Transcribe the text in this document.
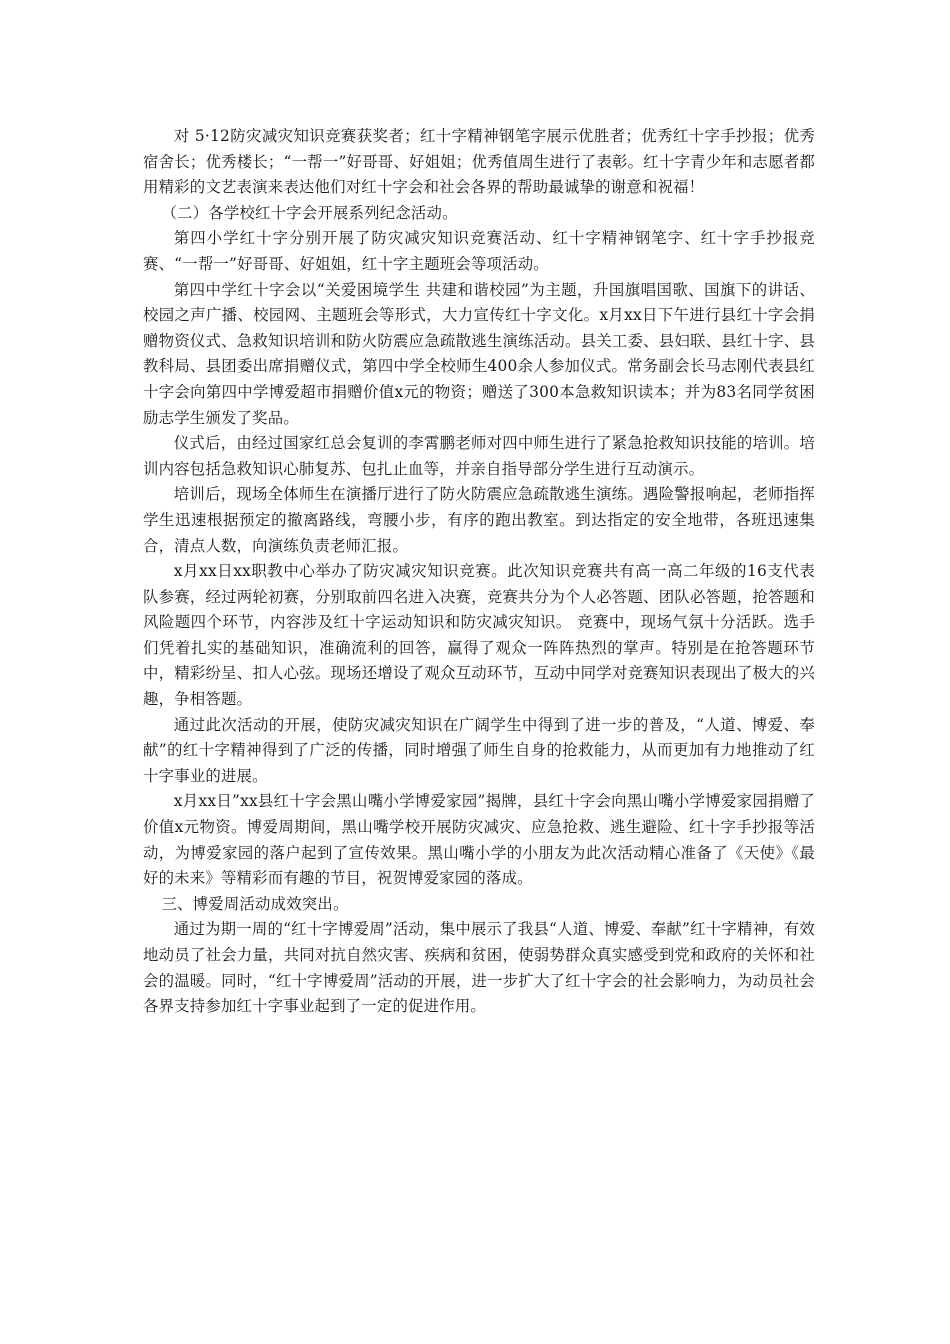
对 5·12防灾减灾知识竞赛获奖者；红十字精神钢笔字展示优胜者；优秀红十字手抄报；优秀宿舍长；优秀楼长；“一帮一”好哥哥、好姐姐；优秀值周生进行了表彰。红十字青少年和志愿者都用精彩的文艺表演来表达他们对红十字会和社会各界的帮助最诚挚的谢意和祝福！

（二）各学校红十字会开展系列纪念活动。

第四小学红十字分别开展了防灾减灾知识竞赛活动、红十字精神钢笔字、红十字手抄报竞赛、“一帮一”好哥哥、好姐姐，红十字主题班会等项活动。

第四中学红十字会以“关爱困境学生 共建和谐校园”为主题，升国旗唱国歌、国旗下的讲话、校园之声广播、校园网、主题班会等形式，大力宣传红十字文化。x月xx日下午进行县红十字会捐赠物资仪式、急救知识培训和防火防震应急疏散逃生演练活动。县关工委、县妇联、县红十字、县教科局、县团委出席捐赠仪式，第四中学全校师生400余人参加仪式。常务副会长马志刚代表县红十字会向第四中学博爱超市捐赠价值x元的物资；赠送了300本急救知识读本；并为83名同学贫困励志学生颁发了奖品。

仪式后，由经过国家红总会复训的李霄鹏老师对四中师生进行了紧急抢救知识技能的培训。培训内容包括急救知识心肺复苏、包扎止血等，并亲自指导部分学生进行互动演示。

培训后，现场全体师生在演播厅进行了防火防震应急疏散逃生演练。遇险警报响起，老师指挥学生迅速根据预定的撤离路线，弯腰小步，有序的跑出教室。到达指定的安全地带，各班迅速集合，清点人数，向演练负责老师汇报。

x月xx日xx职教中心举办了防灾减灾知识竞赛。此次知识竞赛共有高一高二年级的16支代表队参赛，经过两轮初赛，分别取前四名进入决赛，竞赛共分为个人必答题、团队必答题，抢答题和风险题四个环节，内容涉及红十字运动知识和防灾减灾知识。 竞赛中，现场气氛十分活跃。选手们凭着扎实的基础知识，准确流利的回答，赢得了观众一阵阵热烈的掌声。特别是在抢答题环节中，精彩纷呈、扣人心弦。现场还增设了观众互动环节，互动中同学对竞赛知识表现出了极大的兴趣，争相答题。

通过此次活动的开展，使防灾减灾知识在广阔学生中得到了进一步的普及，“人道、博爱、奉献”的红十字精神得到了广泛的传播，同时增强了师生自身的抢救能力，从而更加有力地推动了红十字事业的进展。

x月xx日”xx县红十字会黑山嘴小学博爱家园”揭牌，县红十字会向黑山嘴小学博爱家园捐赠了价值x元物资。博爱周期间，黑山嘴学校开展防灾减灾、应急抢救、逃生避险、红十字手抄报等活动，为博爱家园的落户起到了宣传效果。黑山嘴小学的小朋友为此次活动精心准备了《天使》《最好的未来》等精彩而有趣的节目，祝贺博爱家园的落成。

三、博爱周活动成效突出。

通过为期一周的“红十字博爱周”活动，集中展示了我县“人道、博爱、奉献”红十字精神，有效地动员了社会力量，共同对抗自然灾害、疾病和贫困，使弱势群众真实感受到党和政府的关怀和社会的温暖。同时，“红十字博爱周”活动的开展，进一步扩大了红十字会的社会影响力，为动员社会各界支持参加红十字事业起到了一定的促进作用。
